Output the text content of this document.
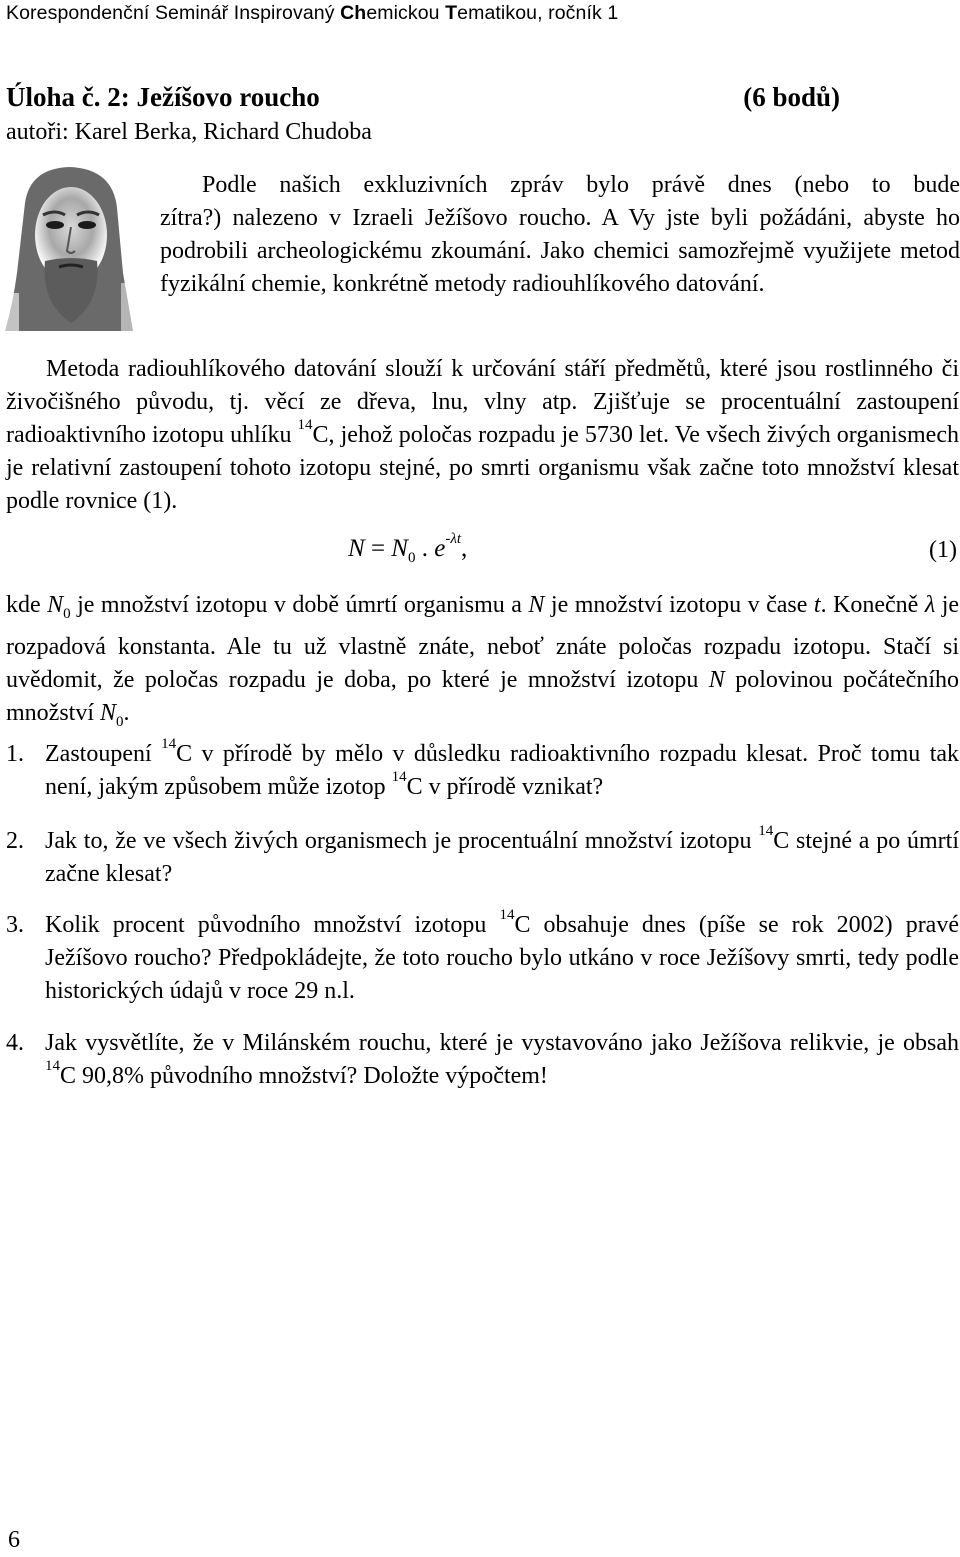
Korespondenční Seminář Inspirovaný Chemickou Tematikou, ročník 1
Úloha č. 2: Ježíšovo roucho	(6 bodů)
autoři: Karel Berka, Richard Chudoba
Podle našich exkluzivních zpráv bylo právě dnes (nebo to bude
zítra?) nalezeno v Izraeli Ježíšovo roucho. A Vy jste byli požádáni, abyste ho podrobili archeologickému zkoumání. Jako chemici samozřejmě využijete metod fyzikální chemie, konkrétně metody radiouhlíkového datování.
Metoda radiouhlíkového datování slouží k určování stáří předmětů, které jsou rostlinného či živočišného původu, tj. věcí ze dřeva, lnu, vlny atp. Zjišťuje se procentuální zastoupení radioaktivního izotopu uhlíku $^{14}$C, jehož poločas rozpadu je 5730 let. Ve všech živých organismech je relativní zastoupení tohoto izotopu stejné, po smrti organismu však začne toto množství klesat podle rovnice (1).
$N = N_0$ . $e^{-\lambda t}$,	(1)
kde $N_0$ je množství izotopu v době úmrtí organismu a N je množství izotopu v čase t. Konečně λ je rozpadová konstanta. Ale tu už vlastně znáte, neboť znáte poločas rozpadu izotopu. Stačí si uvědomit, že poločas rozpadu je doba, po které je množství izotopu N polovinou počátečního množství $N_0$.
1. Zastoupení $^{14}$C v přírodě by mělo v důsledku radioaktivního rozpadu klesat. Proč tomu tak není, jakým způsobem může izotop $^{14}$C v přírodě vznikat?
2. Jak to, že ve všech živých organismech je procentuální množství izotopu $^{14}$C stejné a po úmrtí začne klesat?
3. Kolik procent původního množství izotopu $^{14}$C obsahuje dnes (píše se rok 2002) pravé Ježíšovo roucho? Předpokládejte, že toto roucho bylo utkáno v roce Ježíšovy smrti, tedy podle historických údajů v roce 29 n.l.
4. Jak vysvětlíte, že v Milánském rouchu, které je vystavováno jako Ježíšova relikvie, je obsah $^{14}$C 90,8% původního množství? Doložte výpočtem!
6
